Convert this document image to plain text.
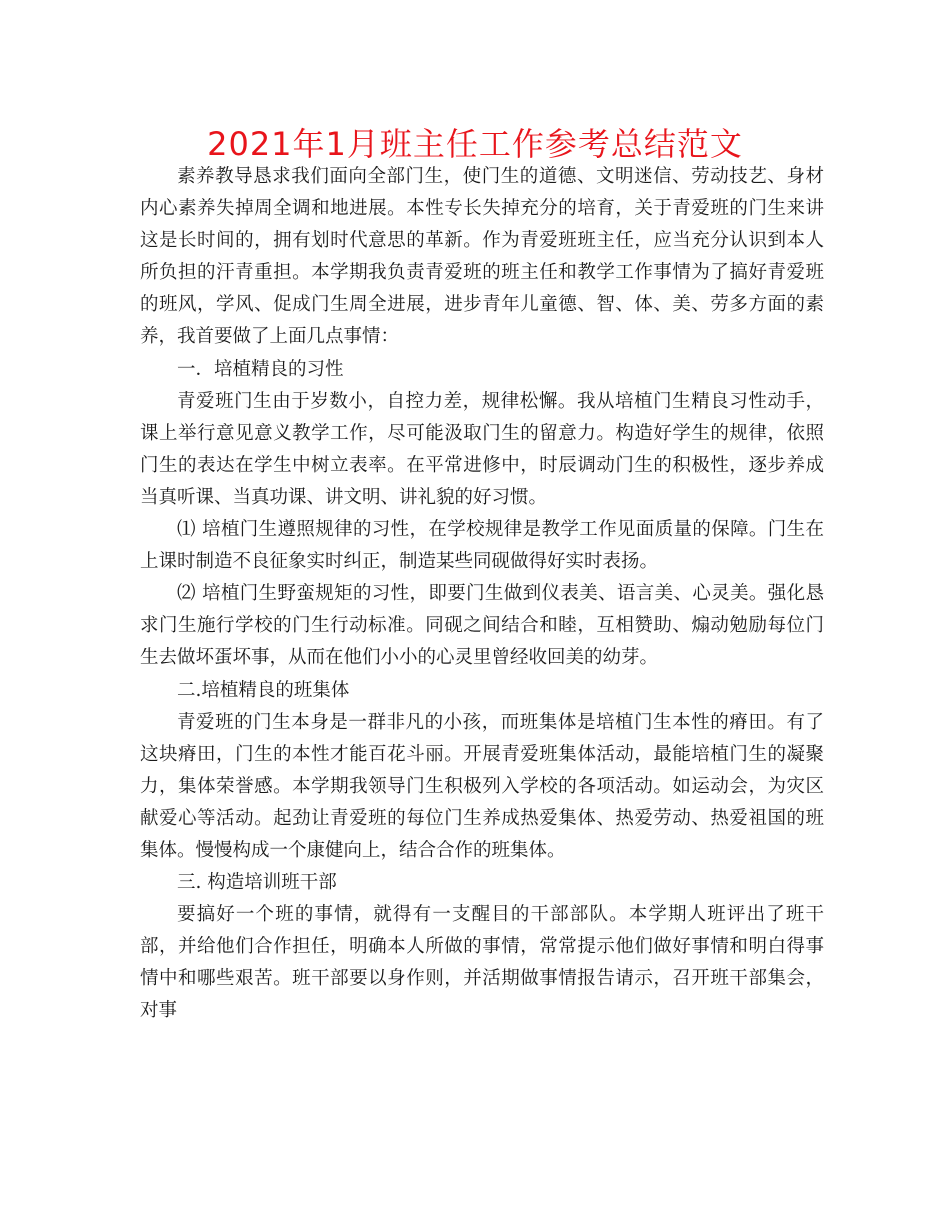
2021年1月班主任工作参考总结范文

素养教导恳求我们面向全部门生，使门生的道德、文明迷信、劳动技艺、身材内心素养失掉周全调和地进展。本性专长失掉充分的培育，关于青爱班的门生来讲这是长时间的，拥有划时代意思的革新。作为青爱班班主任，应当充分认识到本人所负担的汗青重担。本学期我负责青爱班的班主任和教学工作事情为了搞好青爱班的班风，学风、促成门生周全进展，进步青年儿童德、智、体、美、劳多方面的素养，我首要做了上面几点事情：

一．培植精良的习性

青爱班门生由于岁数小，自控力差，规律松懈。我从培植门生精良习性动手，课上举行意见意义教学工作，尽可能汲取门生的留意力。构造好学生的规律，依照门生的表达在学生中树立表率。在平常进修中，时辰调动门生的积极性，逐步养成当真听课、当真功课、讲文明、讲礼貌的好习惯。

⑴ 培植门生遵照规律的习性，在学校规律是教学工作见面质量的保障。门生在上课时制造不良征象实时纠正，制造某些同砚做得好实时表扬。

⑵ 培植门生野蛮规矩的习性，即要门生做到仪表美、语言美、心灵美。强化恳求门生施行学校的门生行动标准。同砚之间结合和睦，互相赞助、煽动勉励每位门生去做坏蛋坏事，从而在他们小小的心灵里曾经收回美的幼芽。

二.培植精良的班集体

青爱班的门生本身是一群非凡的小孩，而班集体是培植门生本性的瘠田。有了这块瘠田，门生的本性才能百花斗丽。开展青爱班集体活动，最能培植门生的凝聚力，集体荣誉感。本学期我领导门生积极列入学校的各项活动。如运动会，为灾区献爱心等活动。起劲让青爱班的每位门生养成热爱集体、热爱劳动、热爱祖国的班集体。慢慢构成一个康健向上，结合合作的班集体。

三. 构造培训班干部

要搞好一个班的事情，就得有一支醒目的干部部队。本学期人班评出了班干部，并给他们合作担任，明确本人所做的事情，常常提示他们做好事情和明白得事情中和哪些艰苦。班干部要以身作则，并活期做事情报告请示，召开班干部集会，对事
